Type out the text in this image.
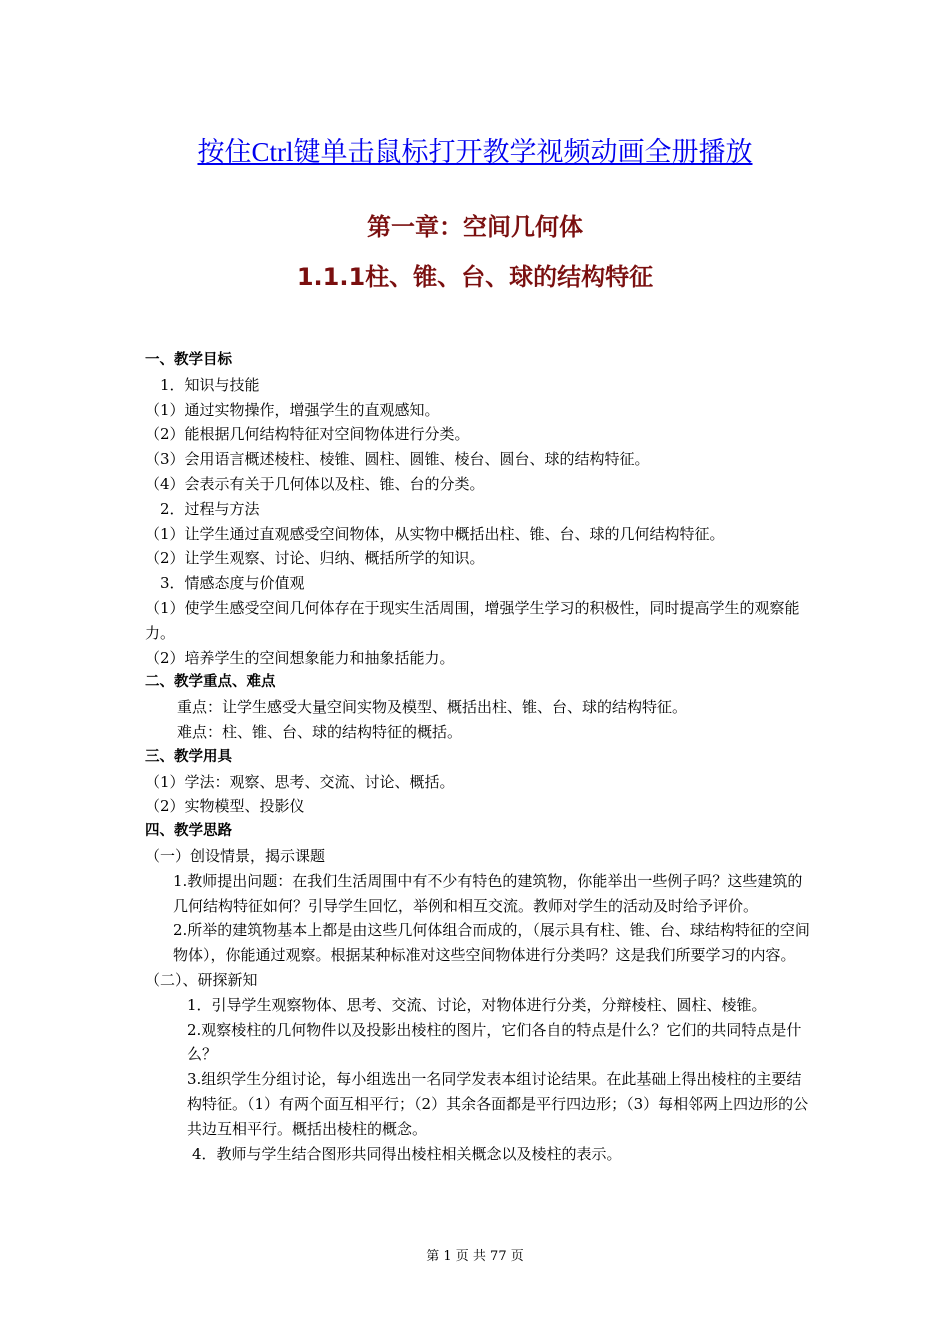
按住Ctrl键单击鼠标打开教学视频动画全册播放
第一章：空间几何体
1.1.1柱、锥、台、球的结构特征

一、教学目标

1．知识与技能

（1）通过实物操作，增强学生的直观感知。

（2）能根据几何结构特征对空间物体进行分类。

（3）会用语言概述棱柱、棱锥、圆柱、圆锥、棱台、圆台、球的结构特征。

（4）会表示有关于几何体以及柱、锥、台的分类。

2．过程与方法

（1）让学生通过直观感受空间物体，从实物中概括出柱、锥、台、球的几何结构特征。

（2）让学生观察、讨论、归纳、概括所学的知识。

3．情感态度与价值观

（1）使学生感受空间几何体存在于现实生活周围，增强学生学习的积极性，同时提高学生的观察能力。

（2）培养学生的空间想象能力和抽象括能力。

二、教学重点、难点

重点：让学生感受大量空间实物及模型、概括出柱、锥、台、球的结构特征。

难点：柱、锥、台、球的结构特征的概括。

三、教学用具

（1）学法：观察、思考、交流、讨论、概括。

（2）实物模型、投影仪

四、教学思路

（一）创设情景，揭示课题

1.教师提出问题：在我们生活周围中有不少有特色的建筑物，你能举出一些例子吗？这些建筑的几何结构特征如何？引导学生回忆，举例和相互交流。教师对学生的活动及时给予评价。

2.所举的建筑物基本上都是由这些几何体组合而成的，（展示具有柱、锥、台、球结构特征的空间物体），你能通过观察。根据某种标准对这些空间物体进行分类吗？这是我们所要学习的内容。

（二）、研探新知

1．引导学生观察物体、思考、交流、讨论，对物体进行分类，分辩棱柱、圆柱、棱锥。

2.观察棱柱的几何物件以及投影出棱柱的图片，它们各自的特点是什么？它们的共同特点是什么？

3.组织学生分组讨论，每小组选出一名同学发表本组讨论结果。在此基础上得出棱柱的主要结构特征。（1）有两个面互相平行；（2）其余各面都是平行四边形；（3）每相邻两上四边形的公共边互相平行。概括出棱柱的概念。

4．教师与学生结合图形共同得出棱柱相关概念以及棱柱的表示。

第 1 页 共 77 页
